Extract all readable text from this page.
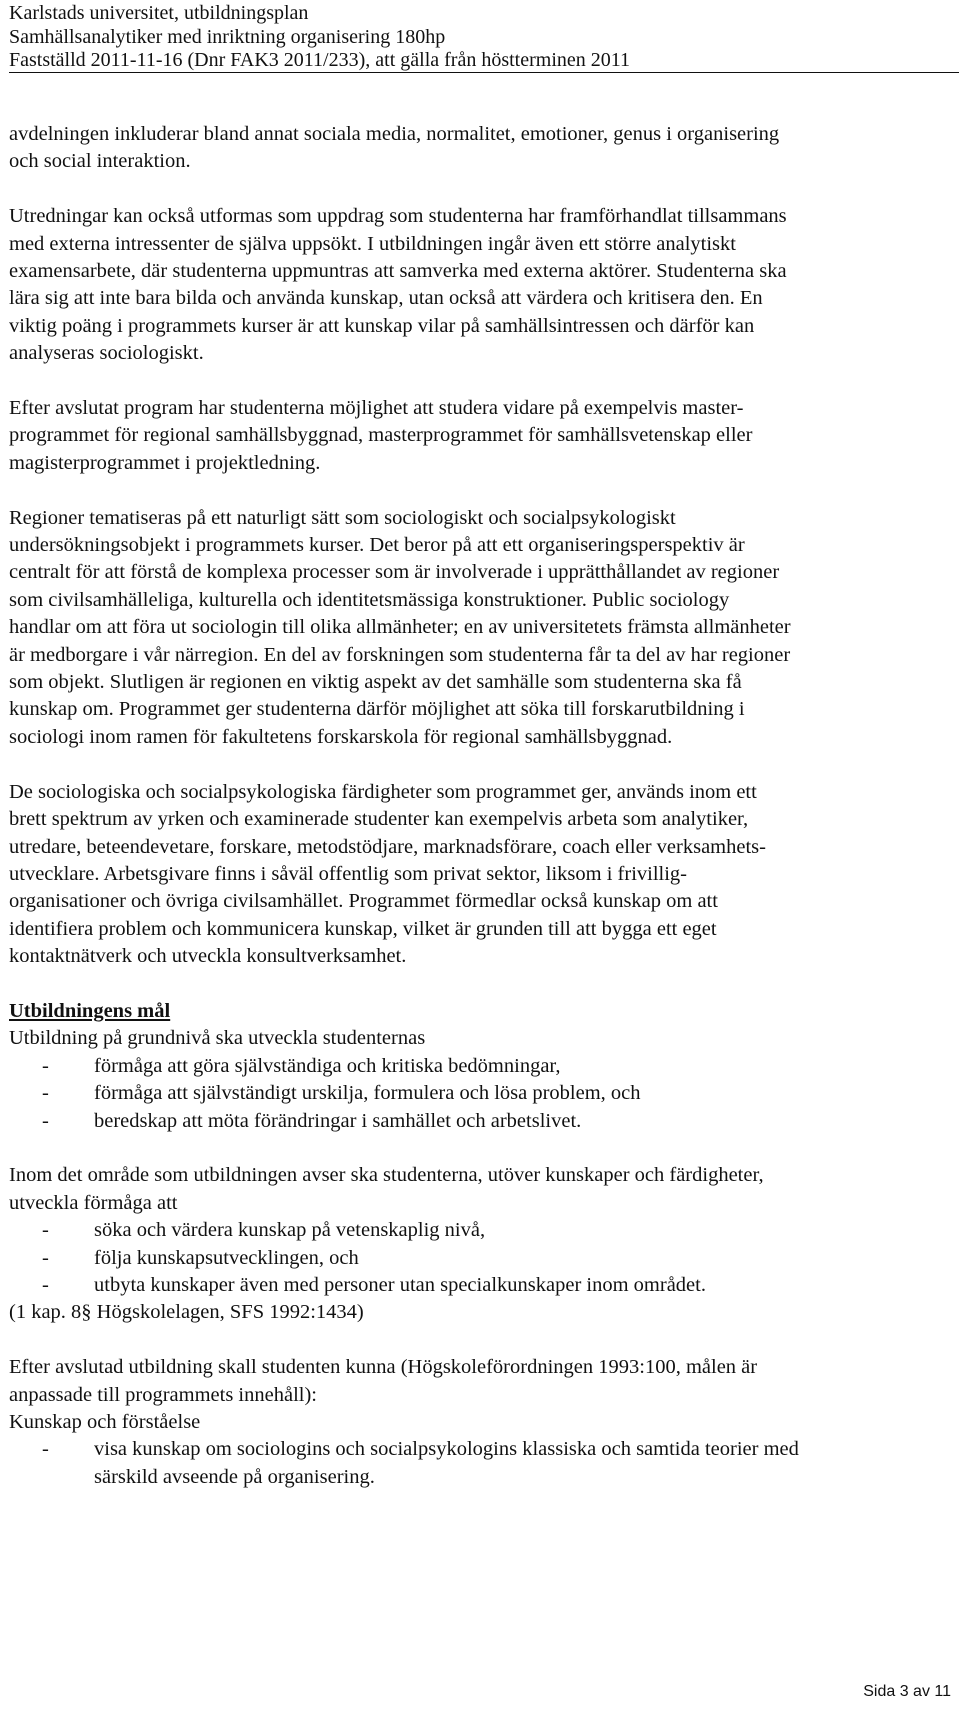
Karlstads universitet, utbildningsplan
Samhällsanalytiker med inriktning organisering 180hp
Fastställd 2011-11-16 (Dnr FAK3 2011/233), att gälla från höstterminen 2011

avdelningen inkluderar bland annat sociala media, normalitet, emotioner, genus i organisering
och social interaktion.

Utredningar kan också utformas som uppdrag som studenterna har framförhandlat tillsammans
med externa intressenter de själva uppsökt. I utbildningen ingår även ett större analytiskt
examensarbete, där studenterna uppmuntras att samverka med externa aktörer. Studenterna ska
lära sig att inte bara bilda och använda kunskap, utan också att värdera och kritisera den. En
viktig poäng i programmets kurser är att kunskap vilar på samhällsintressen och därför kan
analyseras sociologiskt.

Efter avslutat program har studenterna möjlighet att studera vidare på exempelvis master-
programmet för regional samhällsbyggnad, masterprogrammet för samhällsvetenskap eller
magisterprogrammet i projektledning.

Regioner tematiseras på ett naturligt sätt som sociologiskt och socialpsykologiskt
undersökningsobjekt i programmets kurser. Det beror på att ett organiseringsperspektiv är
centralt för att förstå de komplexa processer som är involverade i upprätthållandet av regioner
som civilsamhälleliga, kulturella och identitetsmässiga konstruktioner. Public sociology
handlar om att föra ut sociologin till olika allmänheter; en av universitetets främsta allmänheter
är medborgare i vår närregion. En del av forskningen som studenterna får ta del av har regioner
som objekt. Slutligen är regionen en viktig aspekt av det samhälle som studenterna ska få
kunskap om. Programmet ger studenterna därför möjlighet att söka till forskarutbildning i
sociologi inom ramen för fakultetens forskarskola för regional samhällsbyggnad.

De sociologiska och socialpsykologiska färdigheter som programmet ger, används inom ett
brett spektrum av yrken och examinerade studenter kan exempelvis arbeta som analytiker,
utredare, beteendevetare, forskare, metodstödjare, marknadsförare, coach eller verksamhets-
utvecklare. Arbetsgivare finns i såväl offentlig som privat sektor, liksom i frivillig-
organisationer och övriga civilsamhället. Programmet förmedlar också kunskap om att
identifiera problem och kommunicera kunskap, vilket är grunden till att bygga ett eget
kontaktnätverk och utveckla konsultverksamhet.

Utbildningens mål
Utbildning på grundnivå ska utveckla studenternas
- förmåga att göra självständiga och kritiska bedömningar,
- förmåga att självständigt urskilja, formulera och lösa problem, och
- beredskap att möta förändringar i samhället och arbetslivet.
Inom det område som utbildningen avser ska studenterna, utöver kunskaper och färdigheter,
utveckla förmåga att
- söka och värdera kunskap på vetenskaplig nivå,
- följa kunskapsutvecklingen, och
- utbyta kunskaper även med personer utan specialkunskaper inom området.
(1 kap. 8§ Högskolelagen, SFS 1992:1434)
Efter avslutad utbildning skall studenten kunna (Högskoleförordningen 1993:100, målen är
anpassade till programmets innehåll):
Kunskap och förståelse
- visa kunskap om sociologins och socialpsykologins klassiska och samtida teorier med
särskild avseende på organisering.
Sida 3 av 11
